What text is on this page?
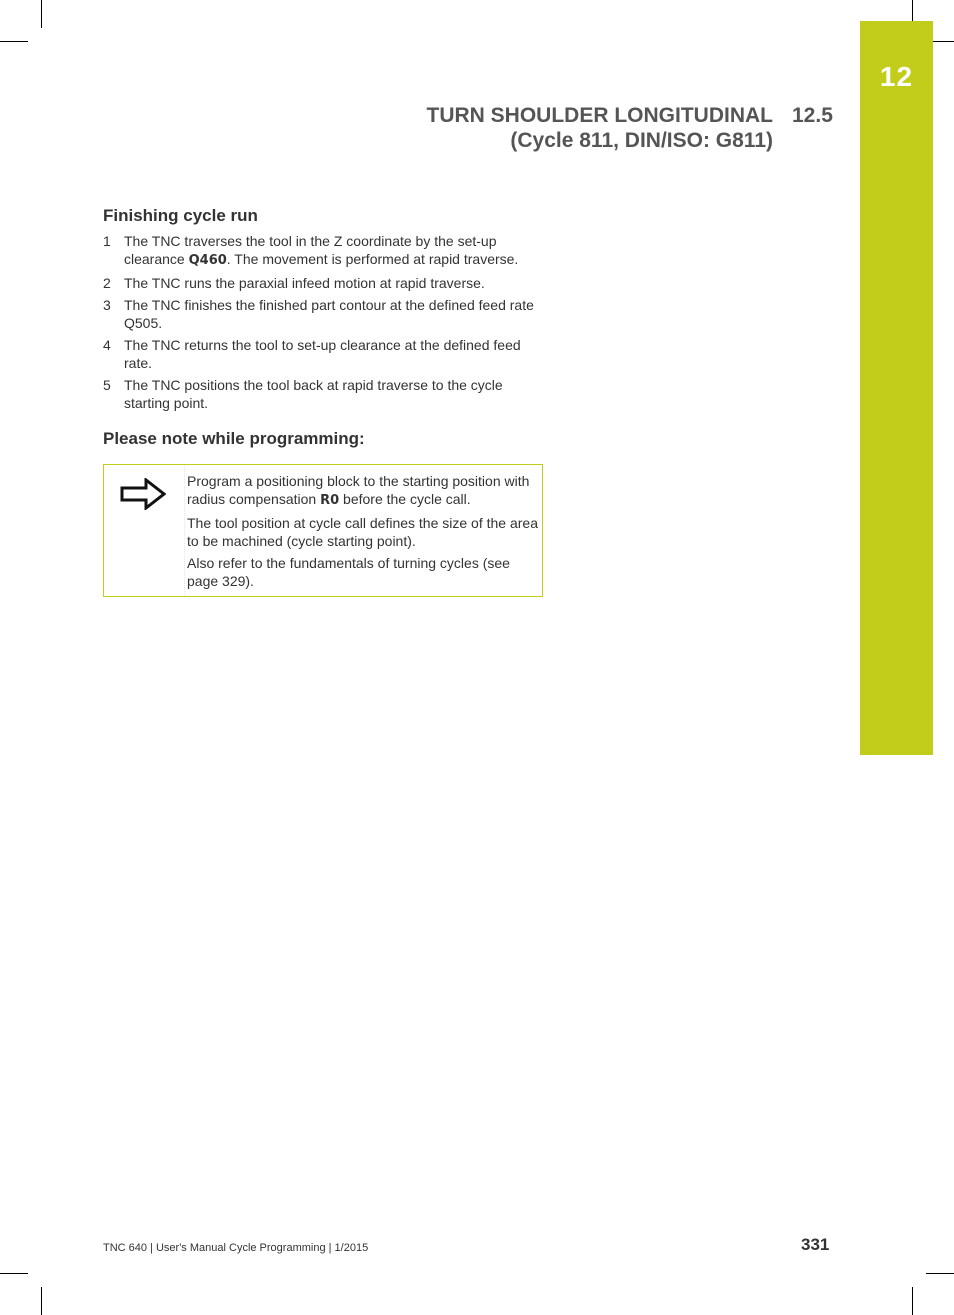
12
TURN SHOULDER LONGITUDINAL
(Cycle 811, DIN/ISO: G811)
12.5
Finishing cycle run
1 The TNC traverses the tool in the Z coordinate by the set-up clearance Q460. The movement is performed at rapid traverse.
2 The TNC runs the paraxial infeed motion at rapid traverse.
3 The TNC finishes the finished part contour at the defined feed rate Q505.
4 The TNC returns the tool to set-up clearance at the defined feed rate.
5 The TNC positions the tool back at rapid traverse to the cycle starting point.
Please note while programming:

Program a positioning block to the starting position with radius compensation R0 before the cycle call.

The tool position at cycle call defines the size of the area to be machined (cycle starting point).

Also refer to the fundamentals of turning cycles (see page 329).

TNC 640 | User's Manual Cycle Programming | 1/2015	331
